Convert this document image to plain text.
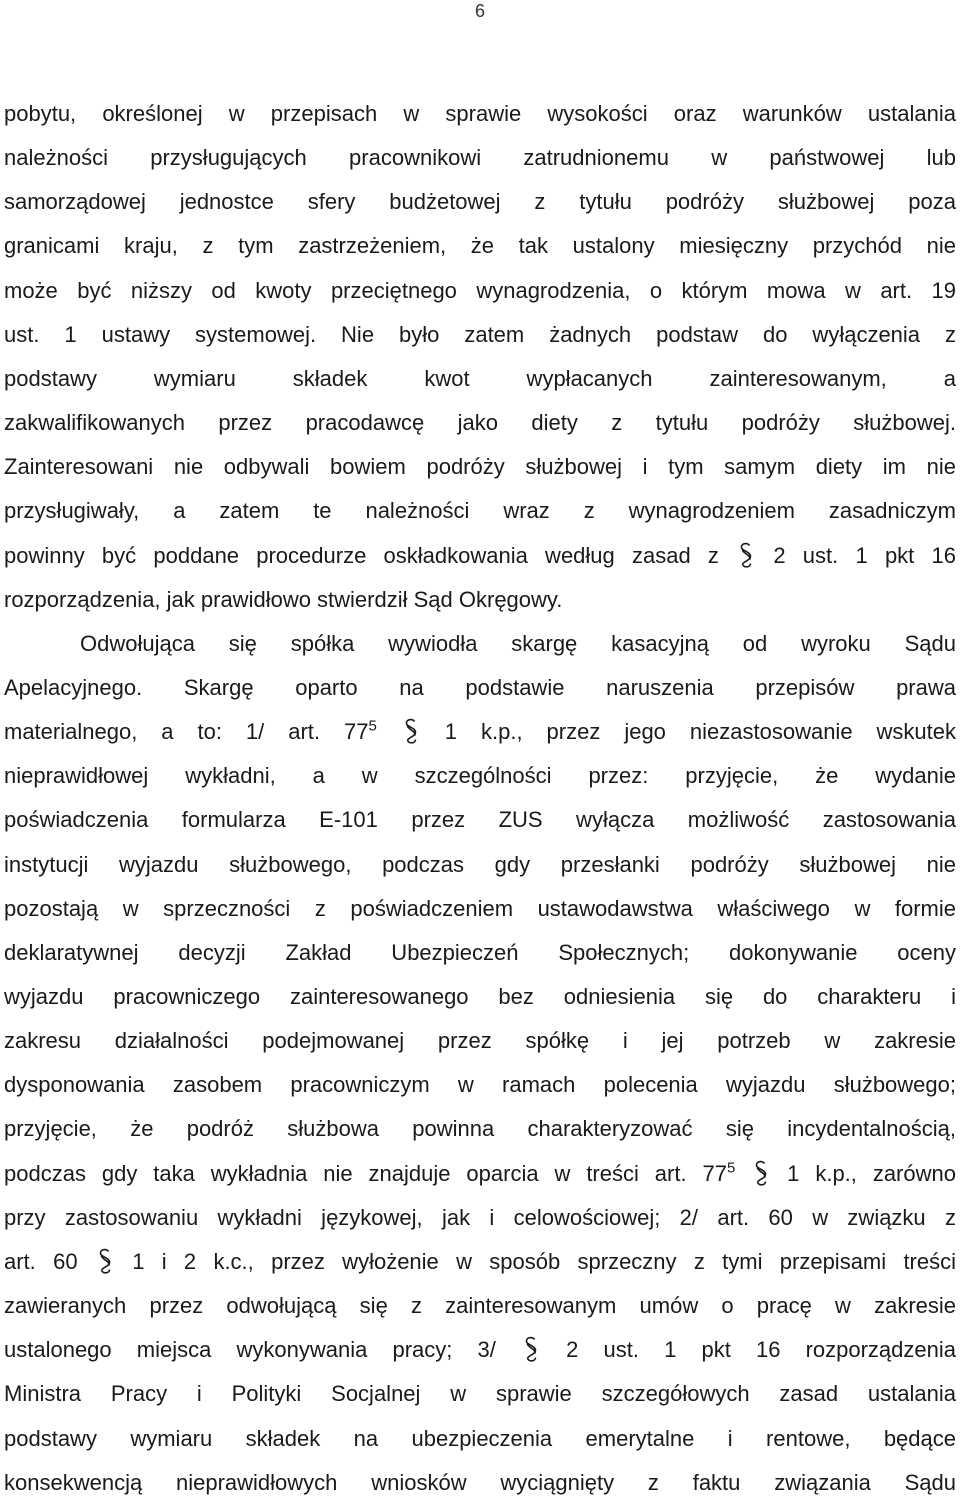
6
pobytu, określonej w przepisach w sprawie wysokości oraz warunków ustalania
należności przysługujących pracownikowi zatrudnionemu w państwowej lub
samorządowej jednostce sfery budżetowej z tytułu podróży służbowej poza
granicami kraju, z tym zastrzeżeniem, że tak ustalony miesięczny przychód nie
może być niższy od kwoty przeciętnego wynagrodzenia, o którym mowa w art. 19
ust. 1 ustawy systemowej. Nie było zatem żadnych podstaw do wyłączenia z
podstawy wymiaru składek kwot wypłacanych zainteresowanym, a
zakwalifikowanych przez pracodawcę jako diety z tytułu podróży służbowej.
Zainteresowani nie odbywali bowiem podróży służbowej i tym samym diety im nie
przysługiwały, a zatem te należności wraz z wynagrodzeniem zasadniczym
powinny być poddane procedurze oskładkowania według zasad z 2 ust. 1 pkt 16
rozporządzenia, jak prawidłowo stwierdził Sąd Okręgowy.
Odwołująca się spółka wywiodła skargę kasacyjną od wyroku Sądu
Apelacyjnego. Skargę oparto na podstawie naruszenia przepisów prawa
materialnego, a to: 1/ art. $77^5$	1 k.p., przez jego niezastosowanie wskutek
nieprawidłowej wykładni, a w szczególności przez: przyjęcie, że wydanie
poświadczenia formularza E-101 przez ZUS wyłącza możliwość zastosowania
instytucji wyjazdu służbowego, podczas gdy przesłanki podróży służbowej nie
pozostają w sprzeczności z poświadczeniem ustawodawstwa właściwego w formie
deklaratywnej decyzji Zakład Ubezpieczeń Społecznych; dokonywanie oceny
wyjazdu pracowniczego zainteresowanego bez odniesienia się do charakteru i
zakresu działalności podejmowanej przez spółkę i jej potrzeb w zakresie
dysponowania zasobem pracowniczym w ramach polecenia wyjazdu służbowego;
przyjęcie, że podróż służbowa powinna charakteryzować się incydentalnością,
podczas gdy taka wykładnia nie znajduje oparcia w treści art. $77^5$ 1 k.p., zarówno
przy zastosowaniu wykładni językowej, jak i celowościowej; 2/ art. 60 w związku z
art. 60 1 i 2 k.c., przez wyłożenie w sposób sprzeczny z tymi przepisami treści
zawieranych przez odwołującą się z zainteresowanym umów o pracę w zakresie
ustalonego miejsca wykonywania pracy; 3/	2 ust. 1 pkt 16 rozporządzenia
Ministra Pracy i Polityki Socjalnej w sprawie szczegółowych zasad ustalania
podstawy wymiaru składek na ubezpieczenia emerytalne i rentowe, będące
konsekwencją nieprawidłowych wniosków wyciągnięty z faktu związania Sądu
